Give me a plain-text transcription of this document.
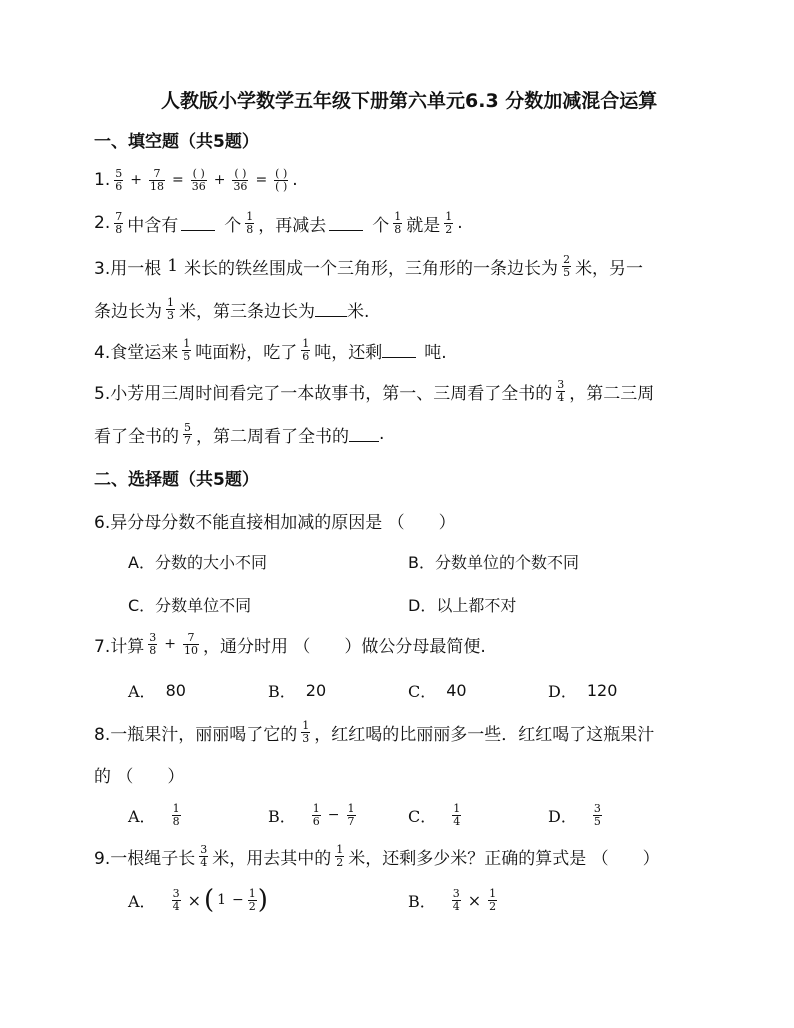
人教版小学数学五年级下册第六单元6.3 分数加减混合运算
一、填空题（共5题）
1. $\frac{5}{6} + \frac{7}{18} = \frac{( )}{36} + \frac{( )}{36} = \frac{( )}{( )}$ .
2. $\frac{7}{8}$ 中含有	个 $\frac{1}{8}$ ，再减去	个 $\frac{1}{8}$ 就是 $\frac{1}{2}$ .
3.用一根 1 米长的铁丝围成一个三角形，三角形的一条边长为 $\frac{2}{5}$ 米，另一
条边长为 $\frac{1}{3}$ 米，第三条边长为 米.
4.食堂运来 $\frac{1}{5}$ 吨面粉，吃了 $\frac{1}{6}$ 吨，还剩 吨.
5.小芳用三周时间看完了一本故事书，第一、三周看了全书的 $\frac{3}{4}$ ，第二三周
看了全书的 $\frac{5}{7}$ ，第二周看了全书的 .
二、选择题（共5题）
6.异分母分数不能直接相加减的原因是 （　　）
A．分数的大小不同	B．分数单位的个数不同
C．分数单位不同	D．以上都不对
7.计算 $\frac{3}{8} + \frac{7}{10}$ ，通分时用 （　　）做公分母最简便.
A． 80	B． 20	C． 40	D． 120
8.一瓶果汁，丽丽喝了它的 $\frac{1}{3}$ ，红红喝的比丽丽多一些．红红喝了这瓶果汁
的 （　　）
A． $\frac{1}{8}$	B． $\frac{1}{6} - \frac{1}{7}$	C． $\frac{1}{4}$	D． $\frac{3}{5}$
9.一根绳子长 $\frac{3}{4}$ 米，用去其中的 $\frac{1}{2}$ 米，还剩多少米？正确的算式是 （　　）
A． $\frac{3}{4}$ × ( $1 - \frac{1}{2}$ )	B． $\frac{3}{4} \times \frac{1}{2}$
